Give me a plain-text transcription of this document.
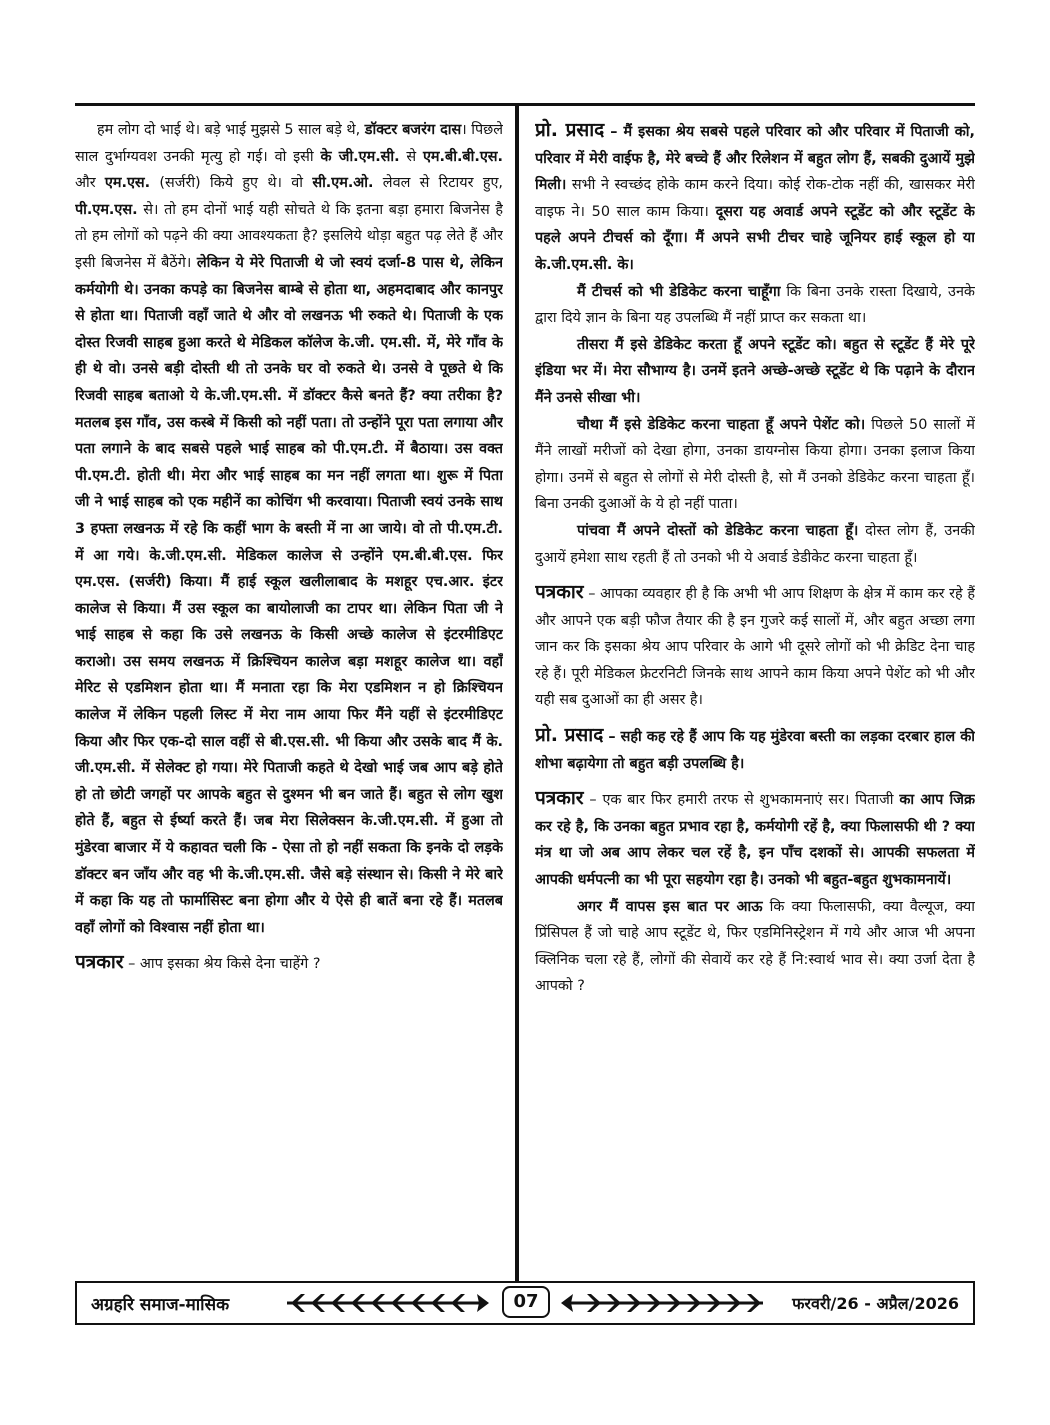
हम लोग दो भाई थे। बड़े भाई मुझसे 5 साल बड़े थे, डॉक्टर बजरंग दास। पिछले साल दुर्भाग्यवश उनकी मृत्यु हो गई। वो इसी के जी.एम.सी. से एम.बी.बी.एस. और एम.एस. (सर्जरी) किये हुए थे। वो सी.एम.ओ. लेवल से रिटायर हुए, पी.एम.एस. से। तो हम दोनों भाई यही सोचते थे कि इतना बड़ा हमारा बिजनेस है तो हम लोगों को पढ़ने की क्या आवश्यकता है? इसलिये थोड़ा बहुत पढ़ लेते हैं और इसी बिजनेस में बैठेंगे। लेकिन ये मेरे पिताजी थे जो स्वयं दर्जा-8 पास थे, लेकिन कर्मयोगी थे। उनका कपड़े का बिजनेस बाम्बे से होता था, अहमदाबाद और कानपुर से होता था। पिताजी वहाँ जाते थे और वो लखनऊ भी रुकते थे। पिताजी के एक दोस्त रिजवी साहब हुआ करते थे मेडिकल कॉलेज के.जी. एम.सी. में, मेरे गाँव के ही थे वो। उनसे बड़ी दोस्ती थी तो उनके घर वो रुकते थे। उनसे वे पूछते थे कि रिजवी साहब बताओ ये के.जी.एम.सी. में डॉक्टर कैसे बनते हैं? क्या तरीका है? मतलब इस गाँव, उस कस्बे में किसी को नहीं पता। तो उन्होंने पूरा पता लगाया और पता लगाने के बाद सबसे पहले भाई साहब को पी.एम.टी. में बैठाया। उस वक्त पी.एम.टी. होती थी। मेरा और भाई साहब का मन नहीं लगता था। शुरू में पिता जी ने भाई साहब को एक महीनें का कोचिंग भी करवाया। पिताजी स्वयं उनके साथ 3 हफ्ता लखनऊ में रहे कि कहीं भाग के बस्ती में ना आ जाये। वो तो पी.एम.टी. में आ गये। के.जी.एम.सी. मेडिकल कालेज से उन्होंने एम.बी.बी.एस. फिर एम.एस. (सर्जरी) किया। मैं हाई स्कूल खलीलाबाद के मशहूर एच.आर. इंटर कालेज से किया। मैं उस स्कूल का बायोलाजी का टापर था। लेकिन पिता जी ने भाई साहब से कहा कि उसे लखनऊ के किसी अच्छे कालेज से इंटरमीडिएट कराओ। उस समय लखनऊ में क्रिश्चियन कालेज बड़ा मशहूर कालेज था। वहाँ मेरिट से एडमिशन होता था। मैं मनाता रहा कि मेरा एडमिशन न हो क्रिश्चियन कालेज में लेकिन पहली लिस्ट में मेरा नाम आया फिर मैंने यहीं से इंटरमीडिएट किया और फिर एक-दो साल वहीं से बी.एस.सी. भी किया और उसके बाद मैं के. जी.एम.सी. में सेलेक्ट हो गया। मेरे पिताजी कहते थे देखो भाई जब आप बड़े होते हो तो छोटी जगहों पर आपके बहुत से दुश्मन भी बन जाते हैं। बहुत से लोग खुश होते हैं, बहुत से ईर्ष्या करते हैं। जब मेरा सिलेक्सन के.जी.एम.सी. में हुआ तो मुंडेरवा बाजार में ये कहावत चली कि - ऐसा तो हो नहीं सकता कि इनके दो लड़के डॉक्टर बन जाँय और वह भी के.जी.एम.सी. जैसे बड़े संस्थान से। किसी ने मेरे बारे में कहा कि यह तो फार्मासिस्ट बना होगा और ये ऐसे ही बातें बना रहे हैं। मतलब वहाँ लोगों को विश्वास नहीं होता था।

पत्रकार – आप इसका श्रेय किसे देना चाहेंगे ?

प्रो. प्रसाद – मैं इसका श्रेय सबसे पहले परिवार को और परिवार में पिताजी को, परिवार में मेरी वाईफ है, मेरे बच्चे हैं और रिलेशन में बहुत लोग हैं, सबकी दुआयें मुझे मिली। सभी ने स्वच्छंद होके काम करने दिया। कोई रोक-टोक नहीं की, खासकर मेरी वाइफ ने। 50 साल काम किया। दूसरा यह अवार्ड अपने स्टूडेंट को और स्टूडेंट के पहले अपने टीचर्स को दूँगा। मैं अपने सभी टीचर चाहे जूनियर हाई स्कूल हो या के.जी.एम.सी. के।

मैं टीचर्स को भी डेडिकेट करना चाहूँगा कि बिना उनके रास्ता दिखाये, उनके द्वारा दिये ज्ञान के बिना यह उपलब्धि मैं नहीं प्राप्त कर सकता था।

तीसरा मैं इसे डेडिकेट करता हूँ अपने स्टूडेंट को। बहुत से स्टूडेंट हैं मेरे पूरे इंडिया भर में। मेरा सौभाग्य है। उनमें इतने अच्छे-अच्छे स्टूडेंट थे कि पढ़ाने के दौरान मैंने उनसे सीखा भी।

चौथा मैं इसे डेडिकेट करना चाहता हूँ अपने पेशेंट को। पिछले 50 सालों में मैंने लाखों मरीजों को देखा होगा, उनका डायग्नोस किया होगा। उनका इलाज किया होगा। उनमें से बहुत से लोगों से मेरी दोस्ती है, सो मैं उनको डेडिकेट करना चाहता हूँ। बिना उनकी दुआओं के ये हो नहीं पाता।

पांचवा मैं अपने दोस्तों को डेडिकेट करना चाहता हूँ। दोस्त लोग हैं, उनकी दुआयें हमेशा साथ रहती हैं तो उनको भी ये अवार्ड डेडीकेट करना चाहता हूँ।

पत्रकार – आपका व्यवहार ही है कि अभी भी आप शिक्षण के क्षेत्र में काम कर रहे हैं और आपने एक बड़ी फौज तैयार की है इन गुजरे कई सालों में, और बहुत अच्छा लगा जान कर कि इसका श्रेय आप परिवार के आगे भी दूसरे लोगों को भी क्रेडिट देना चाह रहे हैं। पूरी मेडिकल फ्रेटरनिटी जिनके साथ आपने काम किया अपने पेशेंट को भी और यही सब दुआओं का ही असर है।

प्रो. प्रसाद – सही कह रहे हैं आप कि यह मुंडेरवा बस्ती का लड़का दरबार हाल की शोभा बढ़ायेगा तो बहुत बड़ी उपलब्धि है।

पत्रकार – एक बार फिर हमारी तरफ से शुभकामनाएं सर। पिताजी का आप जिक्र कर रहे है, कि उनका बहुत प्रभाव रहा है, कर्मयोगी रहें है, क्या फिलासफी थी ? क्या मंत्र था जो अब आप लेकर चल रहें है, इन पाँच दशकों से। आपकी सफलता में आपकी धर्मपत्नी का भी पूरा सहयोग रहा है। उनको भी बहुत-बहुत शुभकामनायें।

अगर मैं वापस इस बात पर आऊ कि क्या फिलासफी, क्या वैल्यूज, क्या प्रिंसिपल हैं जो चाहे आप स्टूडेंट थे, फिर एडमिनिस्ट्रेशन में गये और आज भी अपना क्लिनिक चला रहे हैं, लोगों की सेवायें कर रहे हैं नि:स्वार्थ भाव से। क्या उर्जा देता है आपको ?

अग्रहरि समाज-मासिक	07	फरवरी/26 - अप्रैल/2026
